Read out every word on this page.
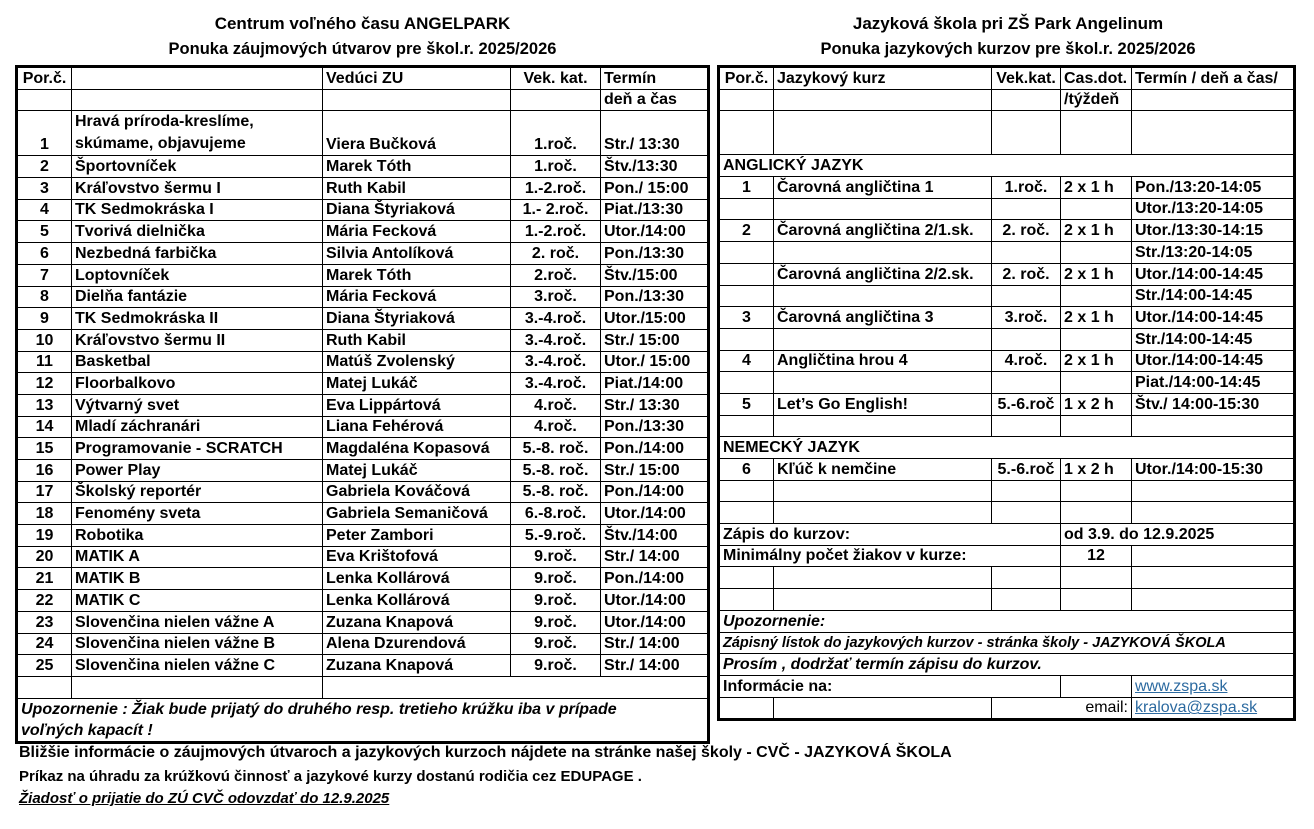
Centrum voľného času ANGELPARK
Ponuka záujmových útvarov pre škol.r. 2025/2026
Jazyková škola pri ZŠ Park Angelinum
Ponuka jazykových kurzov pre škol.r. 2025/2026
Por.č.		Vedúci ZU	Vek. kat.	Termín
				deň a čas
1	Hravá príroda-kreslíme,
skúmame, objavujeme	Viera Bučková	1.roč.	Str./ 13:30
2	Športovníček	Marek Tóth	1.roč.	Štv./13:30
3	Kráľovstvo šermu I	Ruth Kabil	1.-2.roč.	Pon./ 15:00
4	TK Sedmokráska I	Diana Štyriaková	1.- 2.roč.	Piat./13:30
5	Tvorivá dielnička	Mária Fecková	1.-2.roč.	Utor./14:00
6	Nezbedná farbička	Silvia Antolíková	2. roč.	Pon./13:30
7	Loptovníček	Marek Tóth	2.roč.	Štv./15:00
8	Dielňa fantázie	Mária Fecková	3.roč.	Pon./13:30
9	TK Sedmokráska II	Diana Štyriaková	3.-4.roč.	Utor./15:00
10	Kráľovstvo šermu II	Ruth Kabil	3.-4.roč.	Str./ 15:00
11	Basketbal	Matúš Zvolenský	3.-4.roč.	Utor./ 15:00
12	Floorbalkovo	Matej Lukáč	3.-4.roč.	Piat./14:00
13	Výtvarný svet	Eva Lippártová	4.roč.	Str./ 13:30
14	Mladí záchranári	Liana Fehérová	4.roč.	Pon./13:30
15	Programovanie - SCRATCH	Magdaléna Kopasová	5.-8. roč.	Pon./14:00
16	Power Play	Matej Lukáč	5.-8. roč.	Str./ 15:00
17	Školský reportér	Gabriela Kováčová	5.-8. roč.	Pon./14:00
18	Fenomény sveta	Gabriela Semaničová	6.-8.roč.	Utor./14:00
19	Robotika	Peter Zambori	5.-9.roč.	Štv./14:00
20	MATIK A	Eva Krištofová	9.roč.	Str./ 14:00
21	MATIK B	Lenka Kollárová	9.roč.	Pon./14:00
22	MATIK C	Lenka Kollárová	9.roč.	Utor./14:00
23	Slovenčina nielen vážne A	Zuzana Knapová	9.roč.	Utor./14:00
24	Slovenčina nielen vážne B	Alena Dzurendová	9.roč.	Str./ 14:00
25	Slovenčina nielen vážne C	Zuzana Knapová	9.roč.	Str./ 14:00

Upozornenie : Žiak bude prijatý do druhého resp. tretieho krúžku iba v prípade
voľných kapacít !				
Por.č.	Jazykový kurz	Vek.kat.	Cas.dot.	Termín / deň a čas/
			/týždeň	

ANGLICKÝ JAZYK				
1	Čarovná angličtina 1	1.roč.	2 x 1 h	Pon./13:20-14:05
				Utor./13:20-14:05
2	Čarovná angličtina 2/1.sk.	2. roč.	2 x 1 h	Utor./13:30-14:15
				Str./13:20-14:05
	Čarovná angličtina 2/2.sk.	2. roč.	2 x 1 h	Utor./14:00-14:45
				Str./14:00-14:45
3	Čarovná angličtina 3	3.roč.	2 x 1 h	Utor./14:00-14:45
				Str./14:00-14:45
4	Angličtina hrou 4	4.roč.	2 x 1 h	Utor./14:00-14:45
				Piat./14:00-14:45
5	Let’s Go English!	5.-6.roč	1 x 2 h	Štv./ 14:00-15:30

NEMECKÝ JAZYK				
6	Kľúč k nemčine	5.-6.roč	1 x 2 h	Utor./14:00-15:30

Zápis do kurzov:			od 3.9. do 12.9.2025	
Minimálny počet žiakov v kurze:			12	

Upozornenie:				
Zápisný lístok do jazykových kurzov - stránka školy - JAZYKOVÁ ŠKOLA				
Prosím , dodržať termín zápisu do kurzov.				
Informácie na:				www.zspa.sk
		email:		kralova@zspa.sk
Bližšie informácie o záujmových útvaroch a jazykových kurzoch nájdete na stránke našej školy - CVČ - JAZYKOVÁ ŠKOLA
Príkaz na úhradu za krúžkovú činnosť a jazykové kurzy dostanú rodičia cez EDUPAGE .
Žiadosť o prijatie do ZÚ CVČ odovzdať do 12.9.2025
